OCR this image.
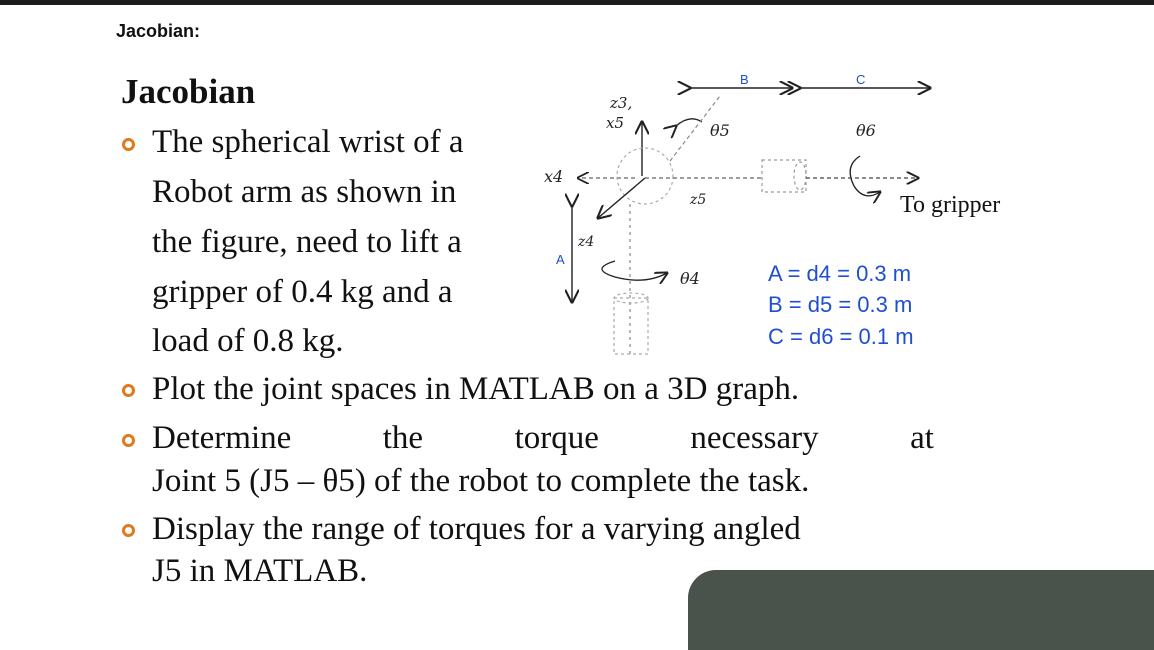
Jacobian:
Jacobian
The spherical wrist of a
Robot arm as shown in
the figure, need to lift a
gripper of 0.4 kg and a
load of 0.8 kg.
Plot the joint spaces in MATLAB on a 3D graph.
Determine	the	torque	necessary	at
Joint 5 (J5 – θ5) of the robot to complete the task.
Display the range of torques for a varying angled
J5 in MATLAB.
B	C
z3,
x5	θ5	θ6
x4
z5	To gripper
A
z4
θ4	A = d4 = 0.3 m
B = d5 = 0.3 m
C = d6 = 0.1 m
